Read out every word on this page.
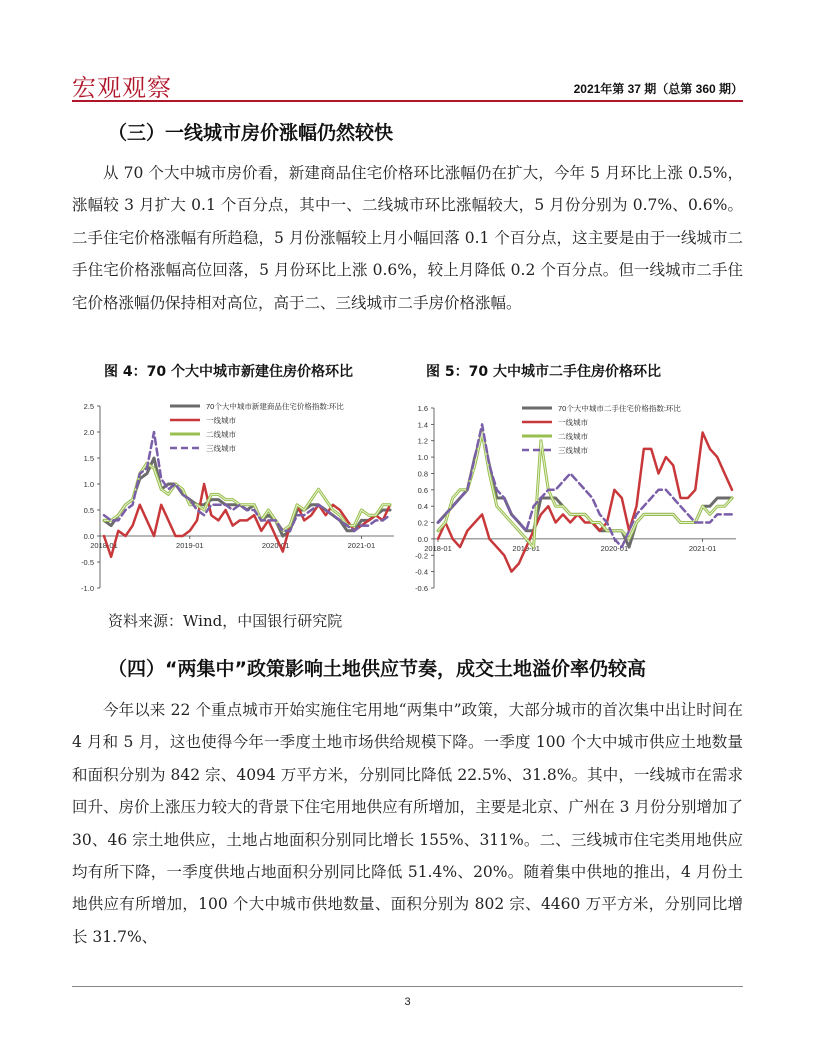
宏观观察	2021年第 37 期（总第 360 期）
（三）一线城市房价涨幅仍然较快

从 70 个大中城市房价看，新建商品住宅价格环比涨幅仍在扩大，今年 5 月环比上涨 0.5%，涨幅较 3 月扩大 0.1 个百分点，其中一、二线城市环比涨幅较大，5 月份分别为 0.7%、0.6%。二手住宅价格涨幅有所趋稳，5 月份涨幅较上月小幅回落 0.1 个百分点，这主要是由于一线城市二手住宅价格涨幅高位回落，5 月份环比上涨 0.6%，较上月降低 0.2 个百分点。但一线城市二手住宅价格涨幅仍保持相对高位，高于二、三线城市二手房价格涨幅。

图 4：70 个大中城市新建住房价格环比	图 5：70 大中城市二手住房价格环比
2.5
2.0
1.5
1.0
0.5
0.0
-0.5
-1.0
2018-01	2019-01	2020-01	2021-01
70个大中城市新建商品住宅价格指数:环比
一线城市
二线城市
三线城市
1.6
1.4
1.2
1.0
0.8
0.6
0.4
0.2
0.0
-0.2
-0.4
-0.6
2018-01	2019-01	2020-01	2021-01
70个大中城市二手住宅价格指数:环比
一线城市
二线城市
三线城市
资料来源：Wind，中国银行研究院
（四）“两集中”政策影响土地供应节奏，成交土地溢价率仍较高

今年以来 22 个重点城市开始实施住宅用地“两集中”政策，大部分城市的首次集中出让时间在 4 月和 5 月，这也使得今年一季度土地市场供给规模下降。一季度 100 个大中城市供应土地数量和面积分别为 842 宗、4094 万平方米，分别同比降低 22.5%、31.8%。其中，一线城市在需求回升、房价上涨压力较大的背景下住宅用地供应有所增加，主要是北京、广州在 3 月份分别增加了 30、46 宗土地供应，土地占地面积分别同比增长 155%、311%。二、三线城市住宅类用地供应均有所下降，一季度供地占地面积分别同比降低 51.4%、20%。随着集中供地的推出，4 月份土地供应有所增加，100 个大中城市供地数量、面积分别为 802 宗、4460 万平方米，分别同比增长 31.7%、

3
